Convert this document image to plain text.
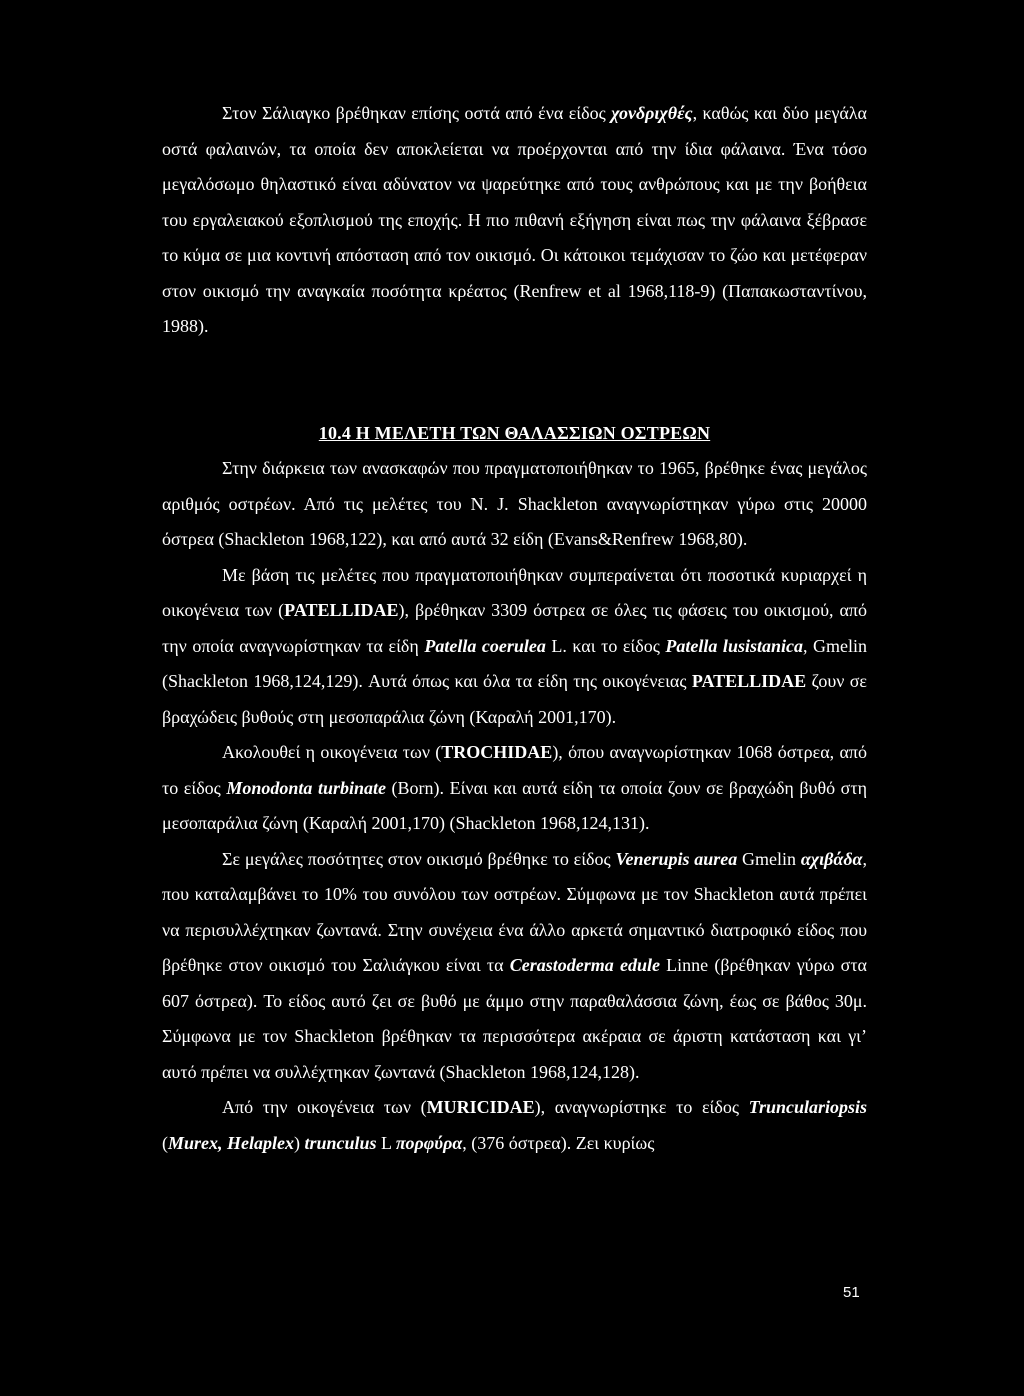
Στον Σάλιαγκο βρέθηκαν επίσης οστά από ένα είδος χονδριχθές, καθώς και δύο μεγάλα οστά φαλαινών, τα οποία δεν αποκλείεται να προέρχονται από την ίδια φάλαινα. Ένα τόσο μεγαλόσωμο θηλαστικό είναι αδύνατον να ψαρεύτηκε από τους ανθρώπους και με την βοήθεια του εργαλειακού εξοπλισμού της εποχής. Η πιο πιθανή εξήγηση είναι πως την φάλαινα ξέβρασε το κύμα σε μια κοντινή απόσταση από τον οικισμό. Οι κάτοικοι τεμάχισαν το ζώο και μετέφεραν στον οικισμό την αναγκαία ποσότητα κρέατος (Renfrew et al 1968,118-9) (Παπακωσταντίνου, 1988).

10.4 Η ΜΕΛΕΤΗ ΤΩΝ ΘΑΛΑΣΣΙΩΝ ΟΣΤΡΕΩΝ

Στην διάρκεια των ανασκαφών που πραγματοποιήθηκαν το 1965, βρέθηκε ένας μεγάλος αριθμός οστρέων. Από τις μελέτες του Ν. J. Shackleton αναγνωρίστηκαν γύρω στις 20000 όστρεα (Shackleton 1968,122), και από αυτά 32 είδη (Evans&Renfrew 1968,80).

Με βάση τις μελέτες που πραγματοποιήθηκαν συμπεραίνεται ότι ποσοτικά κυριαρχεί η οικογένεια των (PATELLIDAE), βρέθηκαν 3309 όστρεα σε όλες τις φάσεις του οικισμού, από την οποία αναγνωρίστηκαν τα είδη Patella coerulea L. και το είδος Patella lusistanica, Gmelin (Shackleton 1968,124,129). Αυτά όπως και όλα τα είδη της οικογένειας PATELLIDAE ζουν σε βραχώδεις βυθούς στη μεσοπαράλια ζώνη (Καραλή 2001,170).

Ακολουθεί η οικογένεια των (TROCHIDAE), όπου αναγνωρίστηκαν 1068 όστρεα, από το είδος Monodonta turbinate (Born). Είναι και αυτά είδη τα οποία ζουν σε βραχώδη βυθό στη μεσοπαράλια ζώνη (Καραλή 2001,170) (Shackleton 1968,124,131).

Σε μεγάλες ποσότητες στον οικισμό βρέθηκε το είδος Venerupis aurea Gmelin αχιβάδα, που καταλαμβάνει το 10% του συνόλου των οστρέων. Σύμφωνα με τον Shackleton αυτά πρέπει να περισυλλέχτηκαν ζωντανά. Στην συνέχεια ένα άλλο αρκετά σημαντικό διατροφικό είδος που βρέθηκε στον οικισμό του Σαλιάγκου είναι τα Cerastoderma edule Linne (βρέθηκαν γύρω στα 607 όστρεα). Το είδος αυτό ζει σε βυθό με άμμο στην παραθαλάσσια ζώνη, έως σε βάθος 30μ. Σύμφωνα με τον Shackleton βρέθηκαν τα περισσότερα ακέραια σε άριστη κατάσταση και γι’ αυτό πρέπει να συλλέχτηκαν ζωντανά (Shackleton 1968,124,128).

Από την οικογένεια των (MURICIDAE), αναγνωρίστηκε το είδος Truncul​ariopsis (Murex, Helaplex) trunculus L πορφύρα, (376 όστρεα). Ζει κυρίως

51
